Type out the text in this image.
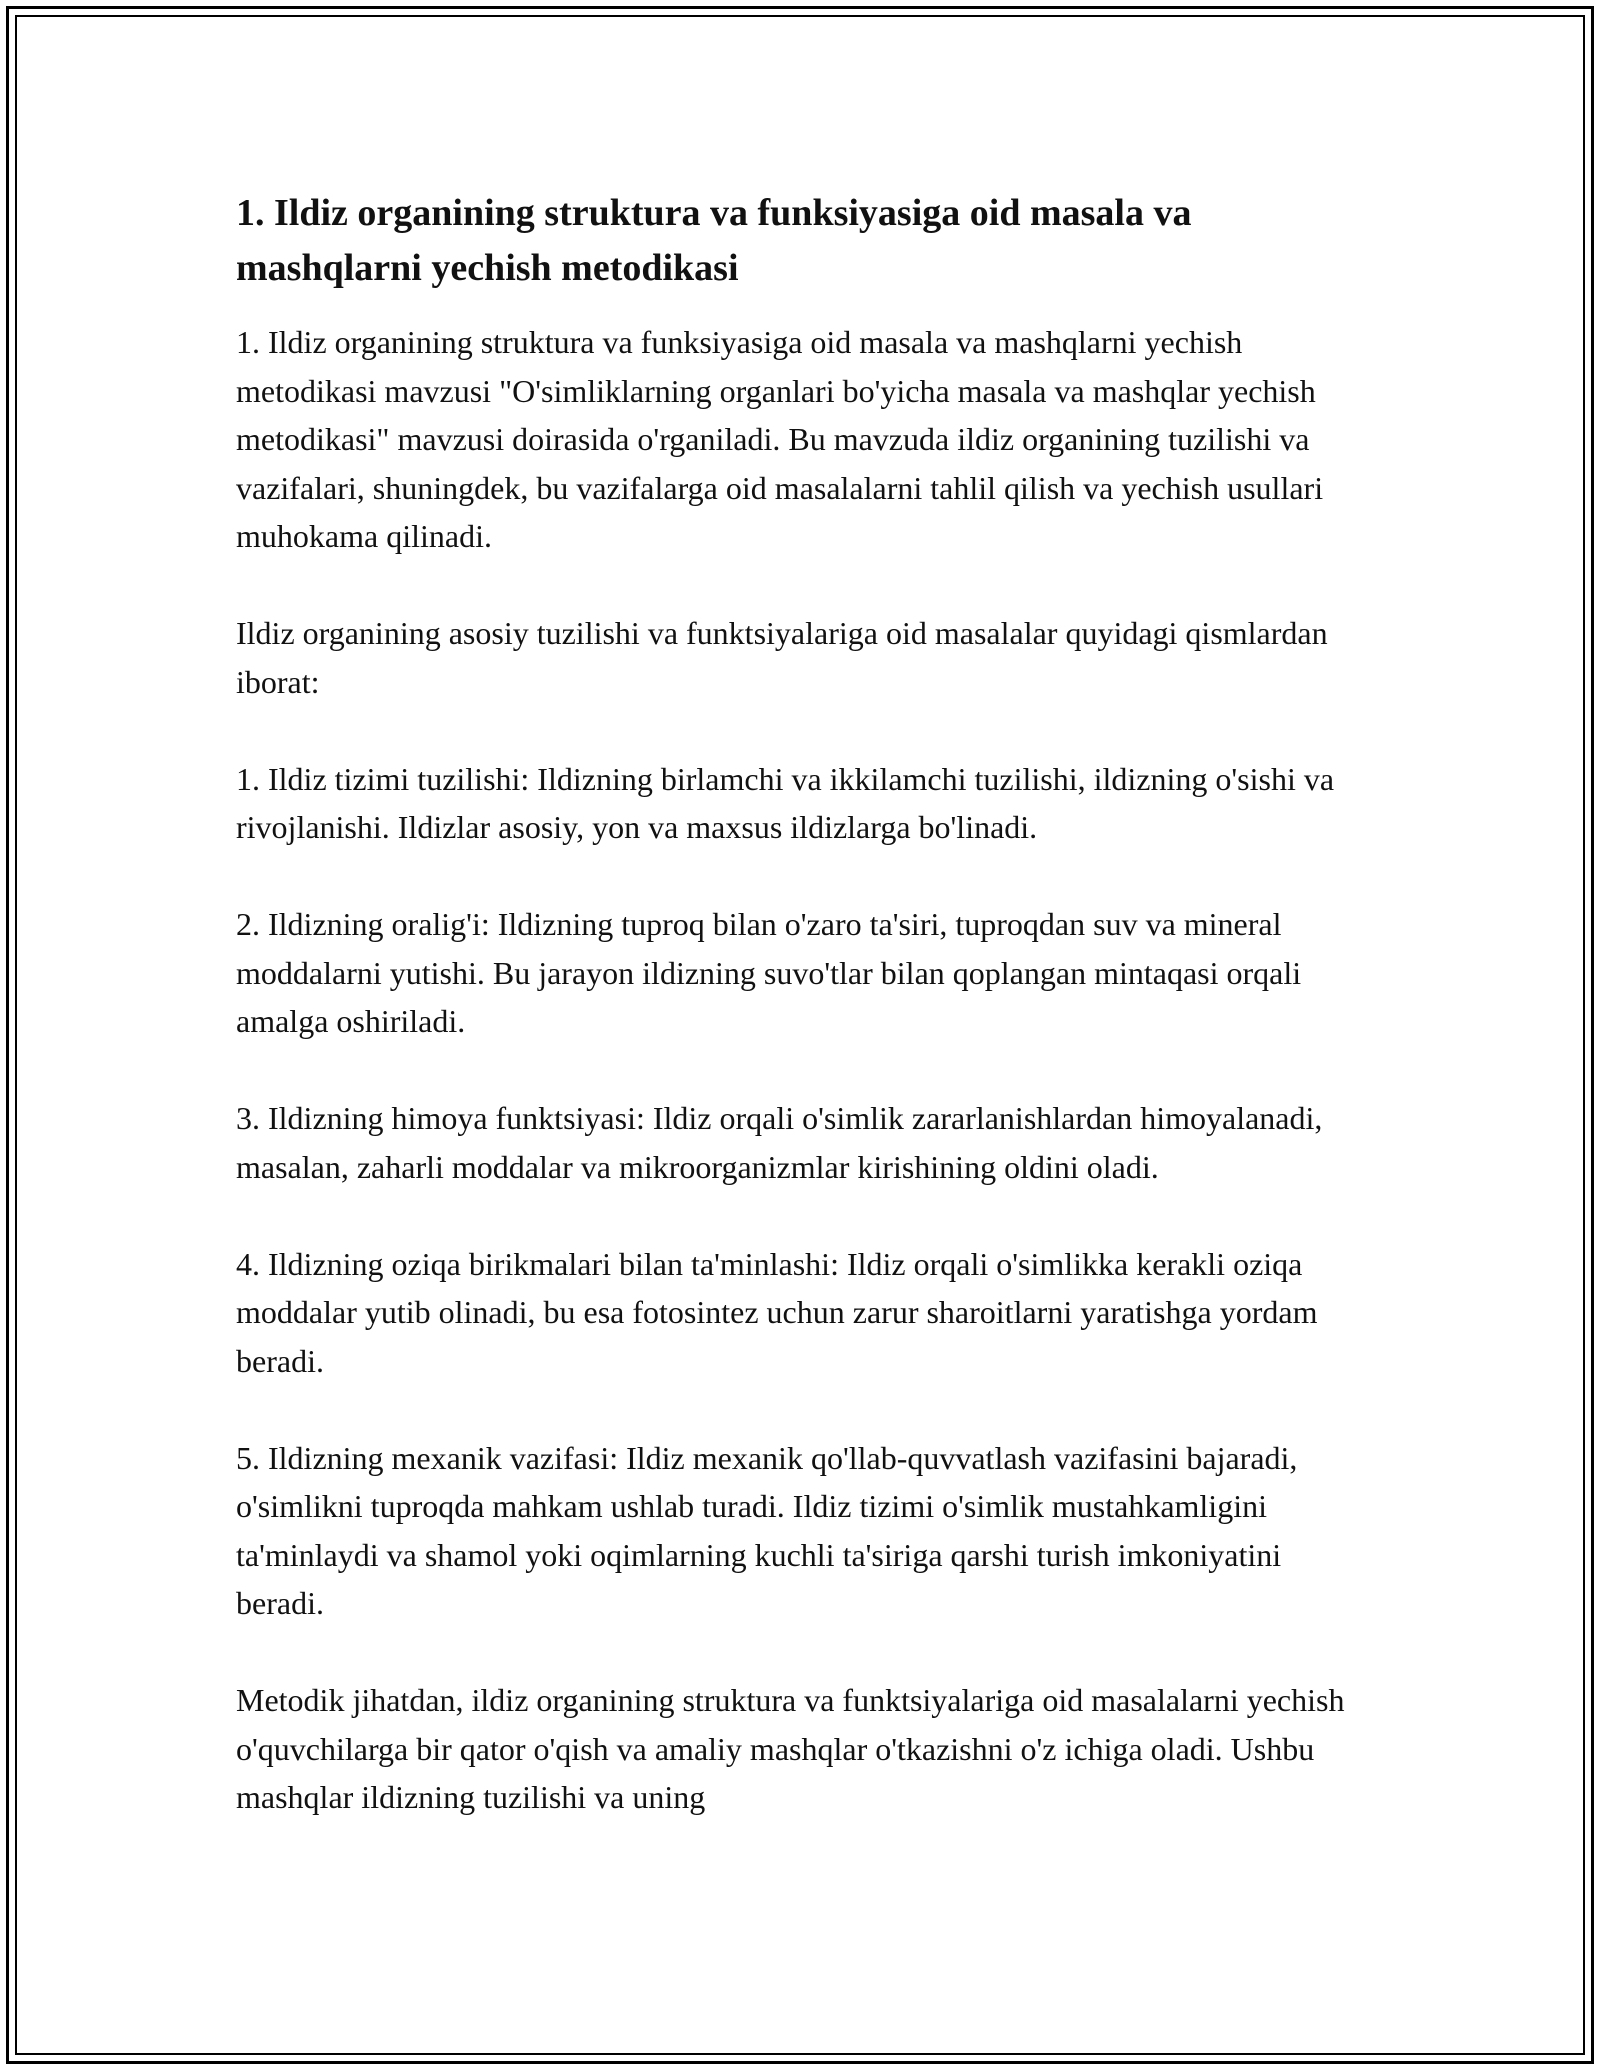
1. Ildiz organining struktura va funksiyasiga oid masala va mashqlarni yechish metodikasi

1. Ildiz organining struktura va funksiyasiga oid masala va mashqlarni yechish metodikasi mavzusi "O'simliklarning organlari bo'yicha masala va mashqlar yechish metodikasi" mavzusi doirasida o'rganiladi. Bu mavzuda ildiz organining tuzilishi va vazifalari, shuningdek, bu vazifalarga oid masalalarni tahlil qilish va yechish usullari muhokama qilinadi.

Ildiz organining asosiy tuzilishi va funktsiyalariga oid masalalar quyidagi qismlardan iborat:

1. Ildiz tizimi tuzilishi: Ildizning birlamchi va ikkilamchi tuzilishi, ildizning o'sishi va rivojlanishi. Ildizlar asosiy, yon va maxsus ildizlarga bo'linadi.

2. Ildizning oralig'i: Ildizning tuproq bilan o'zaro ta'siri, tuproqdan suv va mineral moddalarni yutishi. Bu jarayon ildizning suvo'tlar bilan qoplangan mintaqasi orqali amalga oshiriladi.

3. Ildizning himoya funktsiyasi: Ildiz orqali o'simlik zararlanishlardan himoyalanadi, masalan, zaharli moddalar va mikroorganizmlar kirishining oldini oladi.

4. Ildizning oziqa birikmalari bilan ta'minlashi: Ildiz orqali o'simlikka kerakli oziqa moddalar yutib olinadi, bu esa fotosintez uchun zarur sharoitlarni yaratishga yordam beradi.

5. Ildizning mexanik vazifasi: Ildiz mexanik qo'llab-quvvatlash vazifasini bajaradi, o'simlikni tuproqda mahkam ushlab turadi. Ildiz tizimi o'simlik mustahkamligini ta'minlaydi va shamol yoki oqimlarning kuchli ta'siriga qarshi turish imkoniyatini beradi.

Metodik jihatdan, ildiz organining struktura va funktsiyalariga oid masalalarni yechish o'quvchilarga bir qator o'qish va amaliy mashqlar o'tkazishni o'z ichiga oladi. Ushbu mashqlar ildizning tuzilishi va uning
